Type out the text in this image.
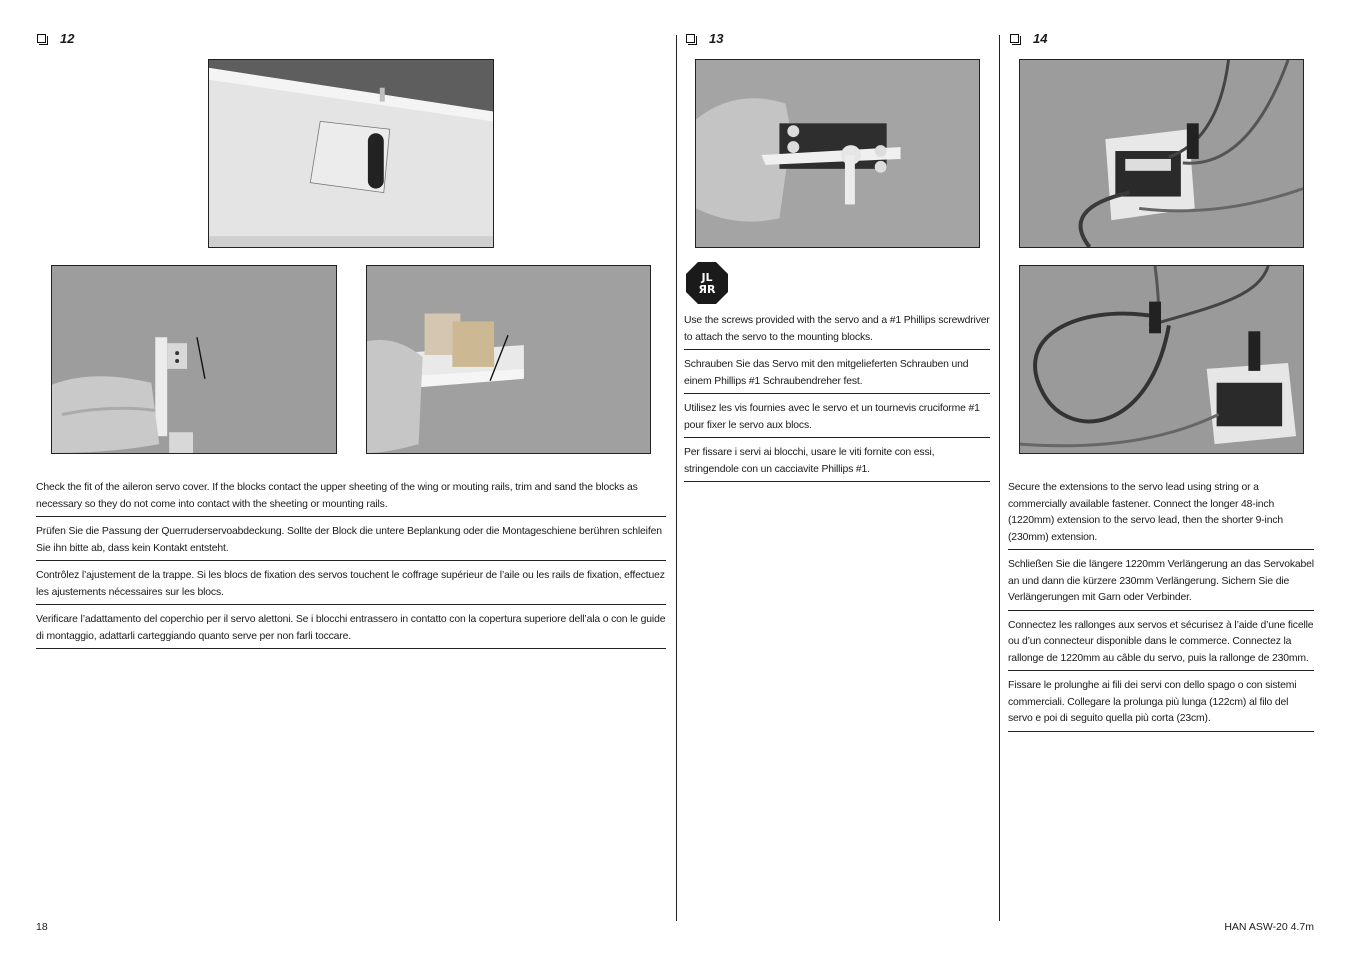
12

Check the fit of the aileron servo cover. If the blocks contact the upper sheeting of the wing or mouting rails, trim and sand the blocks as necessary so they do not come into contact with the sheeting or mounting rails.

Prüfen Sie die Passung der Querruderservoabdeckung. Sollte der Block die untere Beplankung oder die Montageschiene berühren schleifen Sie ihn bitte ab, dass kein Kontakt entsteht.

Contrôlez l’ajustement de la trappe. Si les blocs de fixation des servos touchent le coffrage supérieur de l’aile ou les rails de fixation, effectuez les ajustements nécessaires sur les blocs.

Verificare l’adattamento del coperchio per il servo alettoni. Se i blocchi entrassero in contatto con la copertura superiore dell’ala o con le guide di montaggio, adattarli carteggiando quanto serve per non farli toccare.

13
JL
ЯR

Use the screws provided with the servo and a #1 Phillips screwdriver to attach the servo to the mounting blocks.

Schrauben Sie das Servo mit den mitgelieferten Schrauben und einem Phillips #1 Schraubendreher fest.

Utilisez les vis fournies avec le servo et un tournevis cruciforme #1 pour fixer le servo aux blocs.

Per fissare i servi ai blocchi, usare le viti fornite con essi, stringendole con un cacciavite Phillips #1.

14

Secure the extensions to the servo lead using string or a commercially available fastener. Connect the longer 48-inch (1220mm) extension to the servo lead, then the shorter 9-inch (230mm) extension.

Schließen Sie die längere 1220mm Verlängerung an das Servokabel an und dann die kürzere 230mm Verlängerung. Sichern Sie die Verlängerungen mit Garn oder Verbinder.

Connectez les rallonges aux servos et sécurisez à l’aide d’une ficelle ou d’un connecteur disponible dans le commerce. Connectez la rallonge de 1220mm au câble du servo, puis la rallonge de 230mm.

Fissare le prolunghe ai fili dei servi con dello spago o con sistemi commerciali. Collegare la prolunga più lunga (122cm) al filo del servo e poi di seguito quella più corta (23cm).

18	HAN ASW-20 4.7m
